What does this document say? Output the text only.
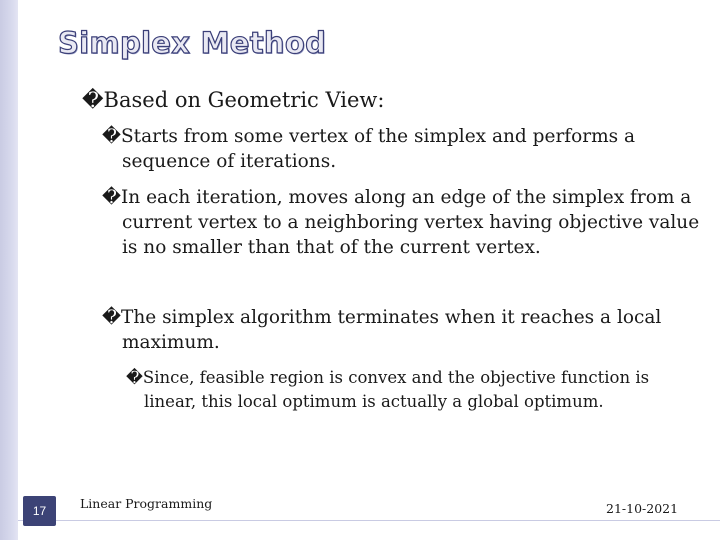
Simplex Method
�Based on Geometric View:
�Starts from some vertex of the simplex and performs a sequence of iterations.
�In each iteration, moves along an edge of the simplex from a current vertex to a neighboring vertex having objective value is no smaller than that of the current vertex.
�The simplex algorithm terminates when it reaches a local maximum.
�Since, feasible region is convex and the objective function is linear, this local optimum is actually a global optimum.
17	Linear Programming	21-10-2021
